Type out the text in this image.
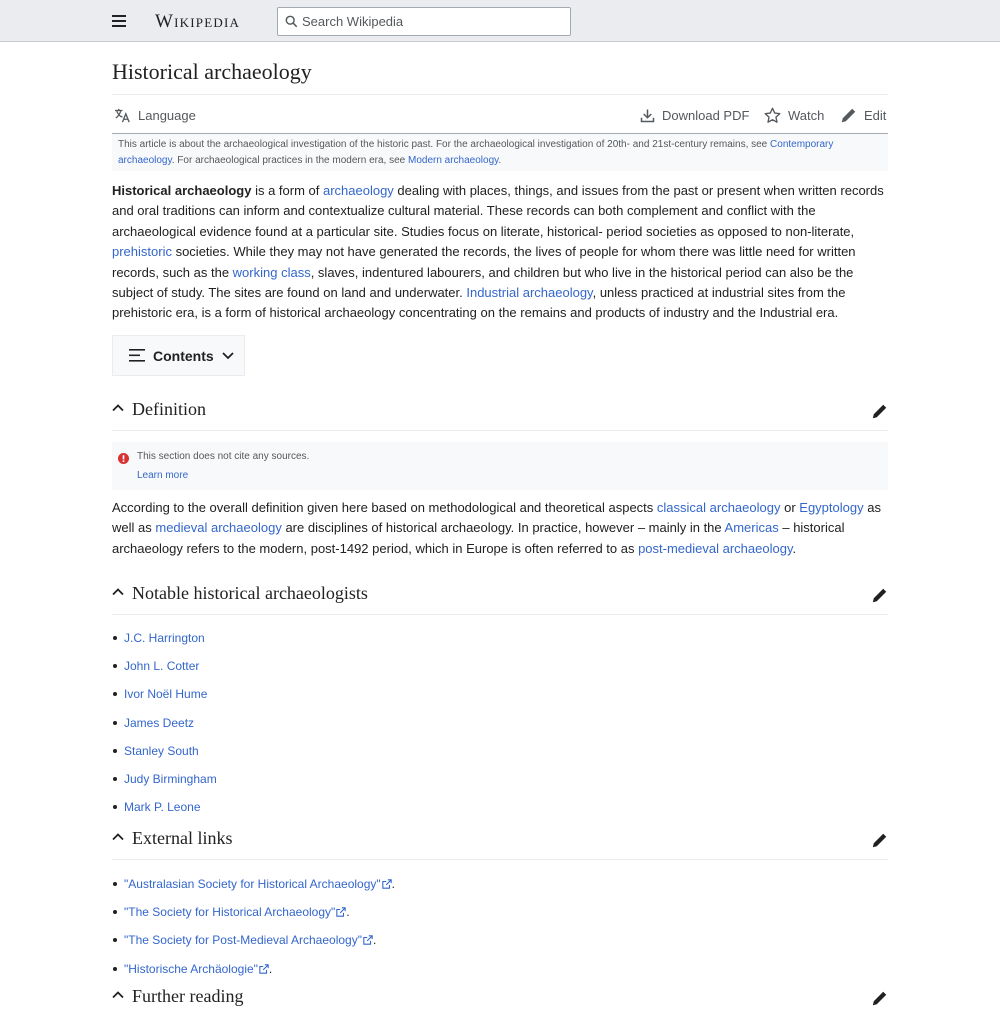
Wikipedia
Search Wikipedia
Historical archaeology
Language	Download PDF	Watch	Edit
This article is about the archaeological investigation of the historic past. For the archaeological investigation of 20th- and 21st-century remains, see Contemporary archaeology. For archaeological practices in the modern era, see Modern archaeology.

Historical archaeology is a form of archaeology dealing with places, things, and issues from the past or present when written records and oral traditions can inform and contextualize cultural material. These records can both complement and conflict with the archaeological evidence found at a particular site. Studies focus on literate, historical- period societies as opposed to non-literate, prehistoric societies. While they may not have generated the records, the lives of people for whom there was little need for written records, such as the working class, slaves, indentured labourers, and children but who live in the historical period can also be the subject of study. The sites are found on land and underwater. Industrial archaeology, unless practiced at industrial sites from the prehistoric era, is a form of historical archaeology concentrating on the remains and products of industry and the Industrial era.

Contents
Definition
This section does not cite any sources.
Learn more

According to the overall definition given here based on methodological and theoretical aspects classical archaeology or Egyptology as well as medieval archaeology are disciplines of historical archaeology. In practice, however – mainly in the Americas – historical archaeology refers to the modern, post-1492 period, which in Europe is often referred to as post-medieval archaeology.

Notable historical archaeologists
J.C. Harrington
John L. Cotter
Ivor Noël Hume
James Deetz
Stanley South
Judy Birmingham
Mark P. Leone
External links
"Australasian Society for Historical Archaeology" .
"The Society for Historical Archaeology" .
"The Society for Post-Medieval Archaeology" .
"Historische Archäologie" .
Further reading
